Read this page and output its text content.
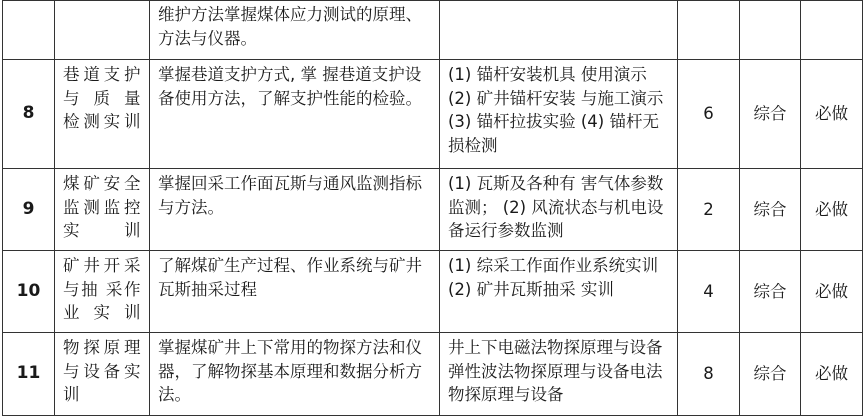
		维护方法掌握煤体应力测试的原理、方法与仪器。				
8	巷道支护与 质 量检测实训	掌握巷道支护方式, 掌 握巷道支护设备使用方法，了解支护性能的检验。	(1) 锚杆安装机具 使用演示 (2) 矿井锚杆安装 与施工演示 (3) 锚杆拉拔实验 (4) 锚杆无损检测	6	综合	必做
9	煤矿安全监测监控实训	掌握回采工作面瓦斯与通风监测指标与方法。	(1) 瓦斯及各种有 害气体参数监测； (2) 风流状态与机电设备运行参数监测	2	综合	必做
10	矿井开采与抽 采作业实训	了解煤矿生产过程、作业系统与矿井瓦斯抽采过程	(1) 综采工作面作业系统实训 (2) 矿井瓦斯抽采 实训	4	综合	必做
11	物探原理与设备实训	掌握煤矿井上下常用的物探方法和仪器，了解物探基本原理和数据分析方法。	井上下电磁法物探原理与设备弹性波法物探原理与设备电法物探原理与设备	8	综合	必做
